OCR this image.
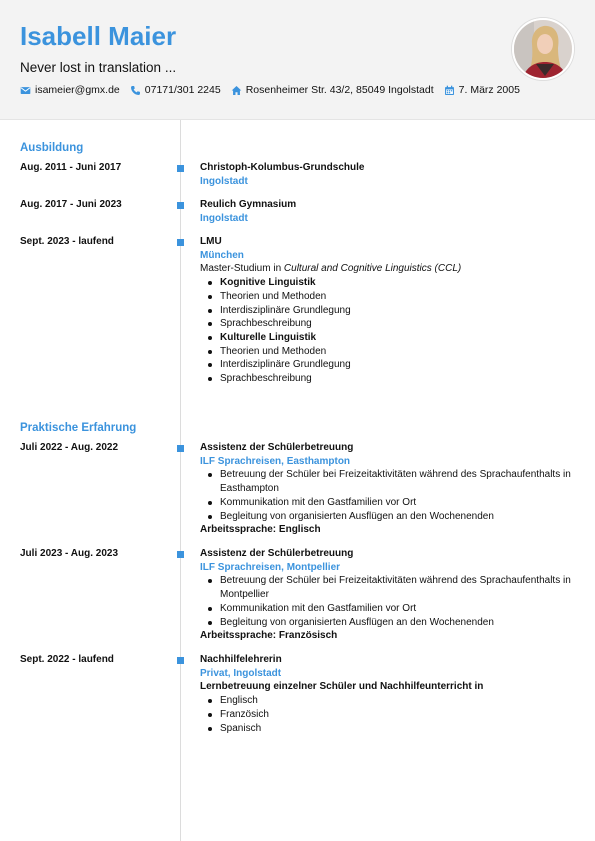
Isabell Maier
Never lost in translation ...
isameier@gmx.de 07171/301 2245 Rosenheimer Str. 43/2, 85049 Ingolstadt 7. März 2005
Ausbildung
Aug. 2011 - Juni 2017	Christoph-Kolumbus-Grundschule
Ingolstadt
Aug. 2017 - Juni 2023	Reulich Gymnasium
Ingolstadt
Sept. 2023 - laufend	LMU
München
Master-Studium in Cultural and Cognitive Linguistics (CCL)
Kognitive Linguistik
Theorien und Methoden
Interdisziplinäre Grundlegung
Sprachbeschreibung
Kulturelle Linguistik
Theorien und Methoden
Interdisziplinäre Grundlegung
Sprachbeschreibung
Praktische Erfahrung
Juli 2022 - Aug. 2022	Assistenz der Schülerbetreuung
ILF Sprachreisen, Easthampton
Betreuung der Schüler bei Freizeitaktivitäten während des Sprachaufenthalts in Easthampton
Kommunikation mit den Gastfamilien vor Ort
Begleitung von organisierten Ausflügen an den Wochenenden
Arbeitssprache: Englisch
Juli 2023 - Aug. 2023	Assistenz der Schülerbetreuung
ILF Sprachreisen, Montpellier
Betreuung der Schüler bei Freizeitaktivitäten während des Sprachaufenthalts in Montpellier
Kommunikation mit den Gastfamilien vor Ort
Begleitung von organisierten Ausflügen an den Wochenenden
Arbeitssprache: Französisch
Sept. 2022 - laufend	Nachhilfelehrerin
Privat, Ingolstadt
Lernbetreuung einzelner Schüler und Nachhilfeunterricht in
Englisch
Französich
Spanisch
